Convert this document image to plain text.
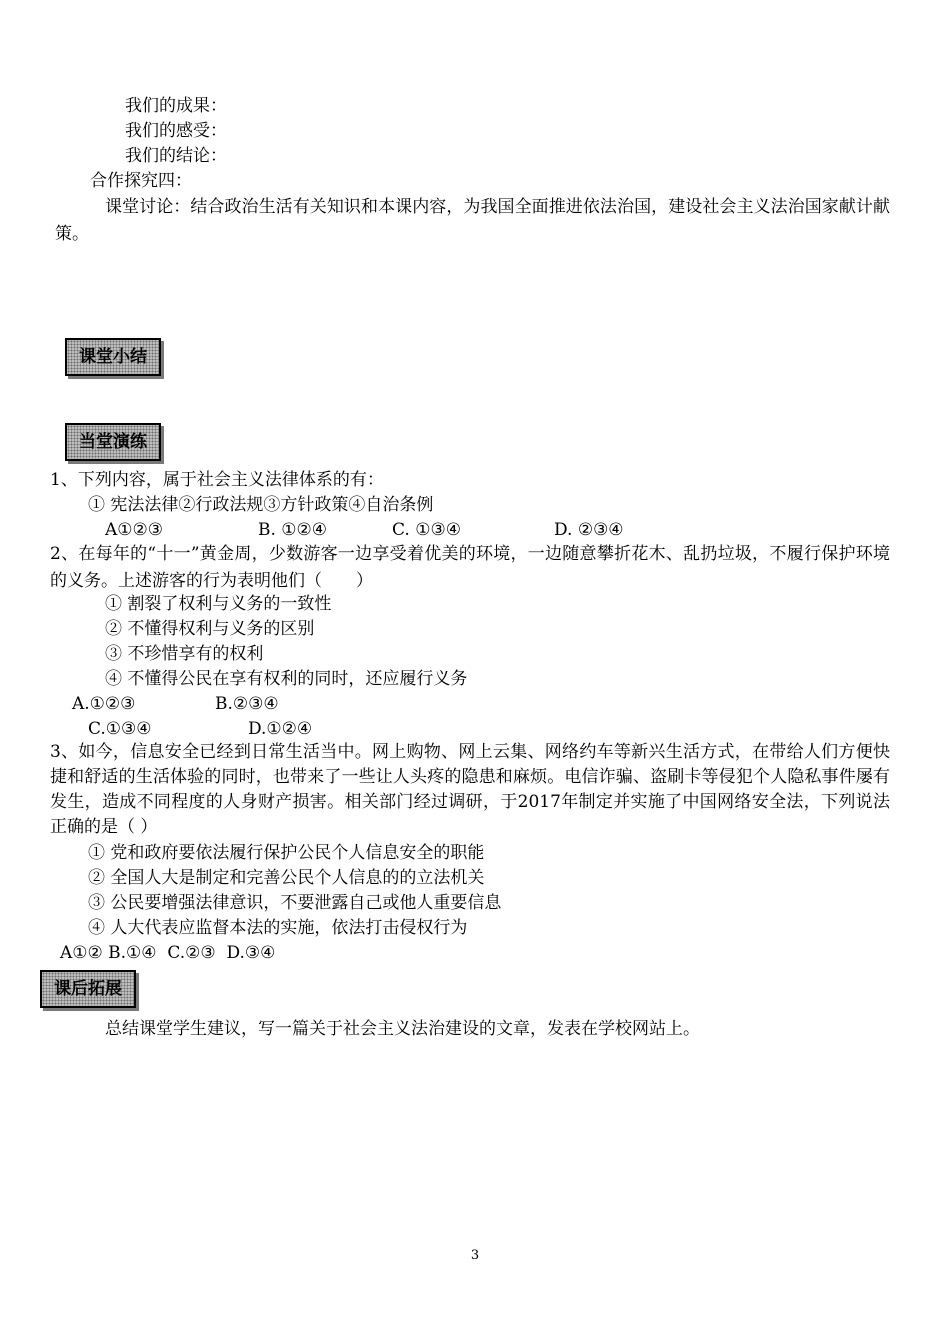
我们的成果：
我们的感受：
我们的结论：
合作探究四：
课堂讨论：结合政治生活有关知识和本课内容，为我国全面推进依法治国，建设社会主义法治国家献计献策。
课堂小结
当堂演练
1、下列内容，属于社会主义法律体系的有：
① 宪法法律②行政法规③方针政策④自治条例
A①②③	B. ①②④	C. ①③④	D. ②③④
2、在每年的“十一”黄金周，少数游客一边享受着优美的环境，一边随意攀折花木、乱扔垃圾，不履行保护环境的义务。上述游客的行为表明他们（　　）
① 割裂了权利与义务的一致性
② 不懂得权利与义务的区别
③ 不珍惜享有的权利
④ 不懂得公民在享有权利的同时，还应履行义务
A.①②③	B.②③④
C.①③④	D.①②④
3、如今，信息安全已经到日常生活当中。网上购物、网上云集、网络约车等新兴生活方式，在带给人们方便快捷和舒适的生活体验的同时，也带来了一些让人头疼的隐患和麻烦。电信诈骗、盗刷卡等侵犯个人隐私事件屡有发生，造成不同程度的人身财产损害。相关部门经过调研，于2017年制定并实施了中国网络安全法，下列说法正确的是（ ）
① 党和政府要依法履行保护公民个人信息安全的职能
② 全国人大是制定和完善公民个人信息的的立法机关
③ 公民要增强法律意识，不要泄露自己或他人重要信息
④ 人大代表应监督本法的实施，依法打击侵权行为
A①② B.①④  C.②③  D.③④
课后拓展
总结课堂学生建议，写一篇关于社会主义法治建设的文章，发表在学校网站上。
3
